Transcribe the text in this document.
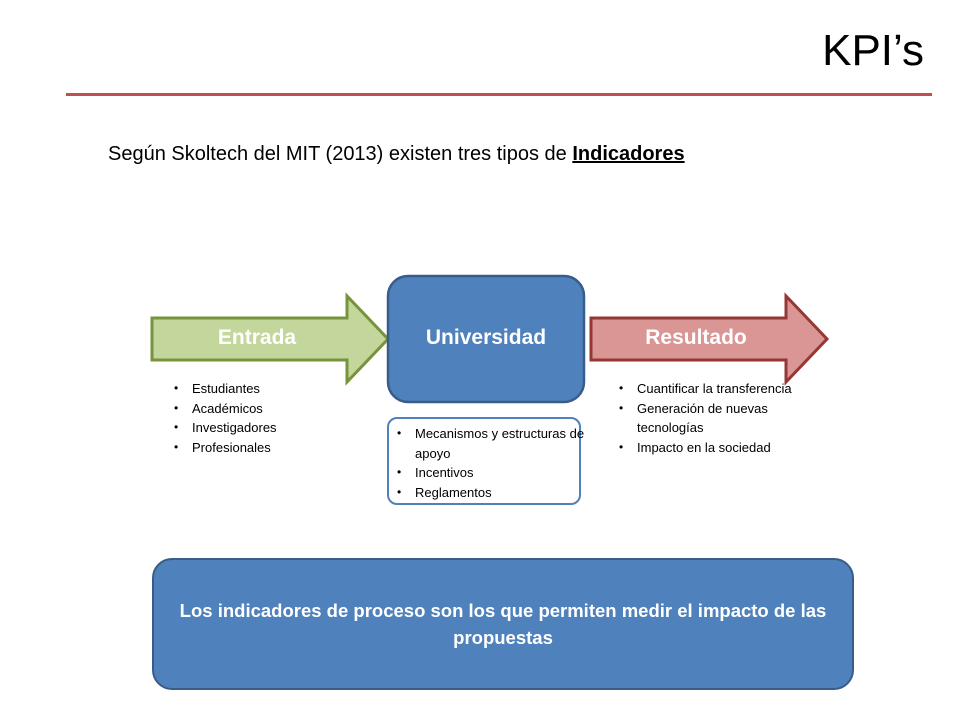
KPI’s
Según Skoltech del MIT (2013) existen tres tipos de Indicadores
Entrada	Universidad	Resultado
• Estudiantes
• Académicos
• Investigadores
• Profesionales
• Mecanismos y estructuras de apoyo
• Incentivos
• Reglamentos
• Cuantificar la transferencia
• Generación de nuevas tecnologías
• Impacto en la sociedad
Los indicadores de proceso son los que permiten medir el impacto de las propuestas
